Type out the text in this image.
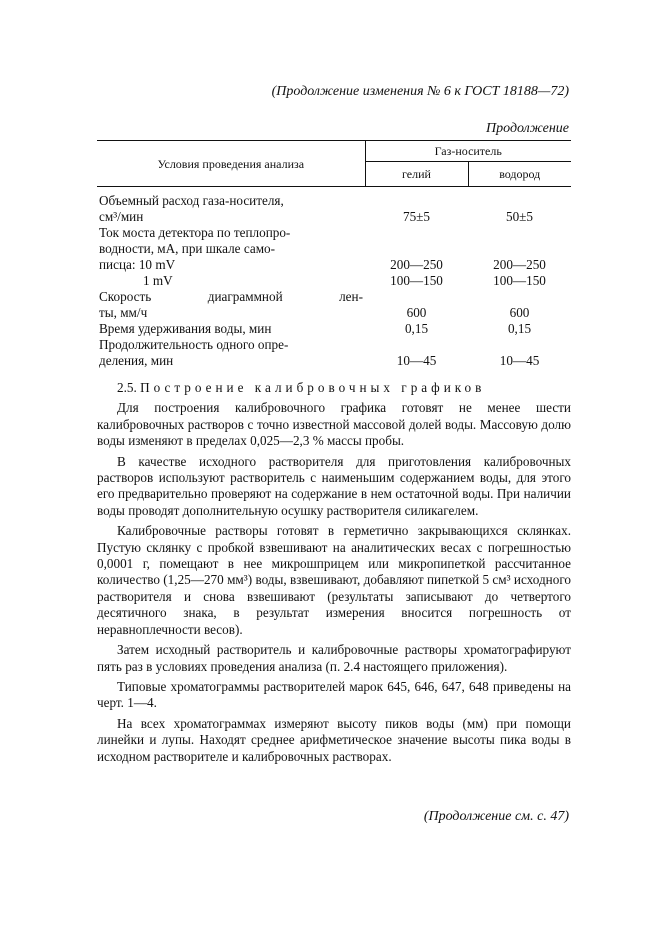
(Продолжение изменения № 6 к ГОСТ 18188—72)
Продолжение
Условия проведения анализа	Газ-носитель	
	гелий	водород

Объемный расход газа-носителя,
см³/мин	75±5	50±5
Ток моста детектора по теплопро-
водности, мА, при шкале само-
писца: 10 mV	200—250	200—250
1 mV	100—150	100—150

Скорость диаграммной лен-
ты, мм/ч	600	600
Время удерживания воды, мин	0,15	0,15
Продолжительность одного опре-
деления, мин	10—45	10—45

2.5. Построение калибровочных графиков

Для построения калибровочного графика готовят не менее шести калибровочных растворов с точно известной массовой долей воды. Массовую долю воды изменяют в пределах 0,025—2,3 % массы пробы.

В качестве исходного растворителя для приготовления калибровочных растворов используют растворитель с наименьшим содержанием воды, для этого его предварительно проверяют на содержание в нем остаточной воды. При наличии воды проводят дополнительную осушку растворителя силикагелем.

Калибровочные растворы готовят в герметично закрывающихся склянках. Пустую склянку с пробкой взвешивают на аналитических весах с погрешностью 0,0001 г, помещают в нее микрошприцем или микропипеткой рассчитанное количество (1,25—270 мм³) воды, взвешивают, добавляют пипеткой 5 см³ исходного растворителя и снова взвешивают (результаты записывают до четвертого десятичного знака, в результат измерения вносится погрешность от неравноплечности весов).

Затем исходный растворитель и калибровочные растворы хроматографируют пять раз в условиях проведения анализа (п. 2.4 настоящего приложения).

Типовые хроматограммы растворителей марок 645, 646, 647, 648 приведены на черт. 1—4.

На всех хроматограммах измеряют высоту пиков воды (мм) при помощи линейки и лупы. Находят среднее арифметическое значение высоты пика воды в исходном растворителе и калибровочных растворах.

(Продолжение см. с. 47)
